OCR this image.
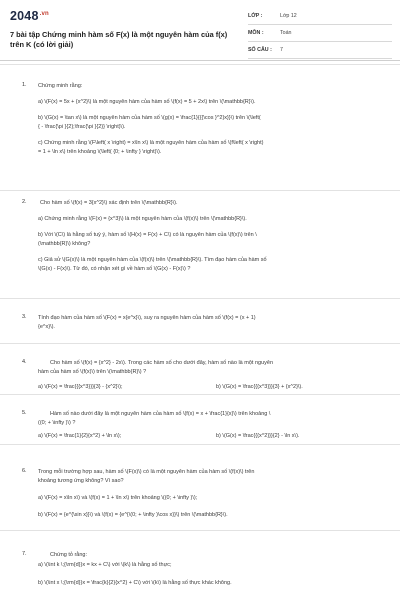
$2048^{.vn}$
7 bài tập Chứng minh hàm số F(x) là một nguyên hàm của f(x) trên K (có lời giải)
LỚP :	Lớp 12
MÔN :	Toán
SỐ CÂU :	7
1. Chứng minh rằng:
a) \(F(x) = 5x + {x^2}\) là một nguyên hàm của hàm số \(f(x) = 5 + 2x\) trên \(\mathbb{R}\).
b) \(G(x) = \tan x\) là một nguyên hàm của hàm số \(g(x) = \frac{1}{{{\cos }^2}x}}\) trên \(\left(
{ - \frac{\pi }{2};\frac{\pi }{2}} \right)\).
c) Chứng minh rằng \(F\left( x \right) = x\ln x\) là một nguyên hàm của hàm số \(f\left( x \right)
= 1 + \ln x\) trên khoảng \(\left( {0; + \infty } \right)\).
2. Cho hàm số \(f(x) = 3{x^2}\) xác định trên \(\mathbb{R}\).
a) Chứng minh rằng \(F(x) = {x^3}\) là một nguyên hàm của \(f(x)\) trên \(\mathbb{R}\).
b) Với \(C\) là hằng số tuỳ ý, hàm số \(H(x) = F(x) + C\) có là nguyên hàm của \(f(x)\) trên \
(\mathbb{R}\) không?
c) Giả sử \(G(x)\) là một nguyên hàm của \(f(x)\) trên \(\mathbb{R}\). Tìm đạo hàm của hàm số
\(G(x) - F(x)\). Từ đó, có nhận xét gì về hàm số \(G(x) - F(x)\) ?
3. Tính đạo hàm của hàm số \(F(x) = x{e^x}\), suy ra nguyên hàm của hàm số \(f(x) = (x + 1)
{e^x}\).
4.	Cho hàm số \(f(x) = {x^2} - 2x\). Trong các hàm số cho dưới đây, hàm số nào là một nguyên
hàm của hàm số \(f(x)\) trên \(\mathbb{R}\) ?
a) \(F(x) = \frac{{{x^3}}}{3} - {x^2}\);	b) \(G(x) = \frac{{{x^3}}}{3} + {x^2}\).
5.	Hàm số nào dưới đây là một nguyên hàm của hàm số \(f(x) = x + \frac{1}{x}\) trên khoảng \
((0; + \infty )\) ?
a) \(F(x) = \frac{1}{2}{x^2} + \ln x\);	b) \(G(x) = \frac{{{x^2}}}{2} - \ln x\).
6. Trong mỗi trường hợp sau, hàm số \(F(x)\) có là một nguyên hàm của hàm số \(f(x)\) trên
khoảng tương ứng không? Vì sao?
a) \(F(x) = x\ln x\) và \(f(x) = 1 + \ln x\) trên khoảng \((0; + \infty )\);
b) \(F(x) = {e^{\sin x}}\) và \(f(x) = {e^{\(0; + \infty )\cos x}}\) trên \(\mathbb{R}\).
7.	Chứng tỏ rằng:
a) \(\int k \;{\rm{d}}x = kx + C\) với \(k\) là hằng số thực;
b) \(\int x \;{\rm{d}}x = \frac{k}{2}{x^2} + C\) với \(k\) là hằng số thực khác không.
